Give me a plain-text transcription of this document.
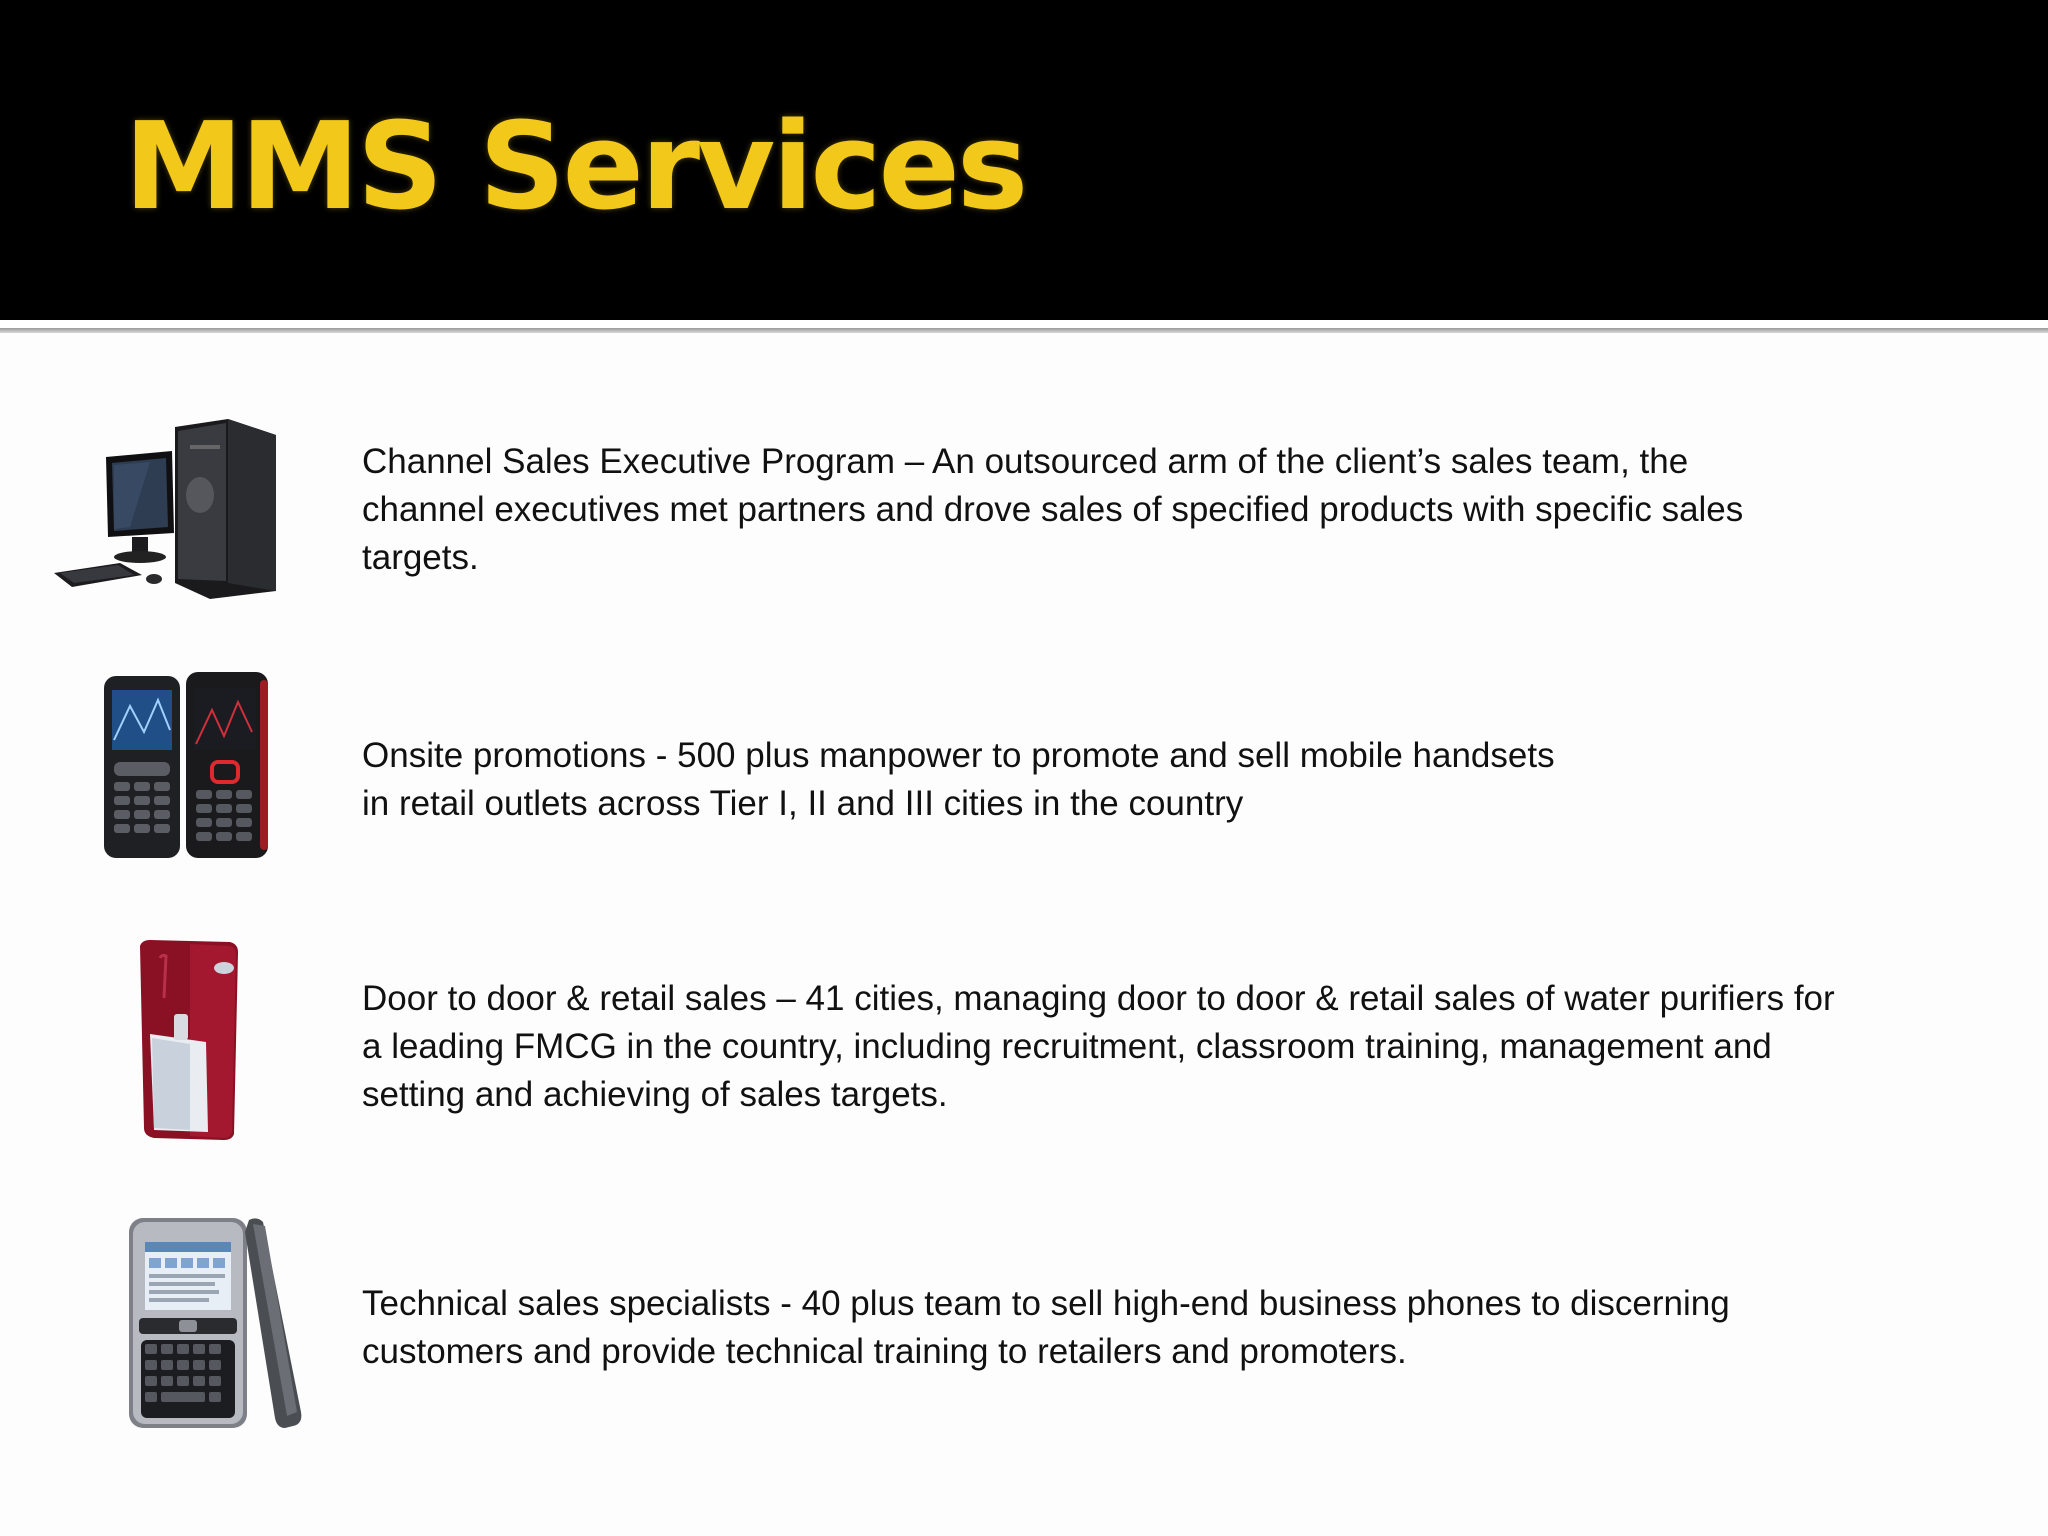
MMS Services
Channel Sales Executive Program – An outsourced arm of the client’s sales team, the
channel executives met partners and drove sales of specified products with specific sales
targets.
Onsite promotions - 500 plus manpower to promote and sell mobile handsets
in retail outlets across Tier I, II and III cities in the country
Door to door & retail sales – 41 cities, managing door to door & retail sales of water purifiers for
a leading FMCG in the country, including recruitment, classroom training, management and
setting and achieving of sales targets.
Technical sales specialists - 40 plus team to sell high-end business phones to discerning
customers and provide technical training to retailers and promoters.
